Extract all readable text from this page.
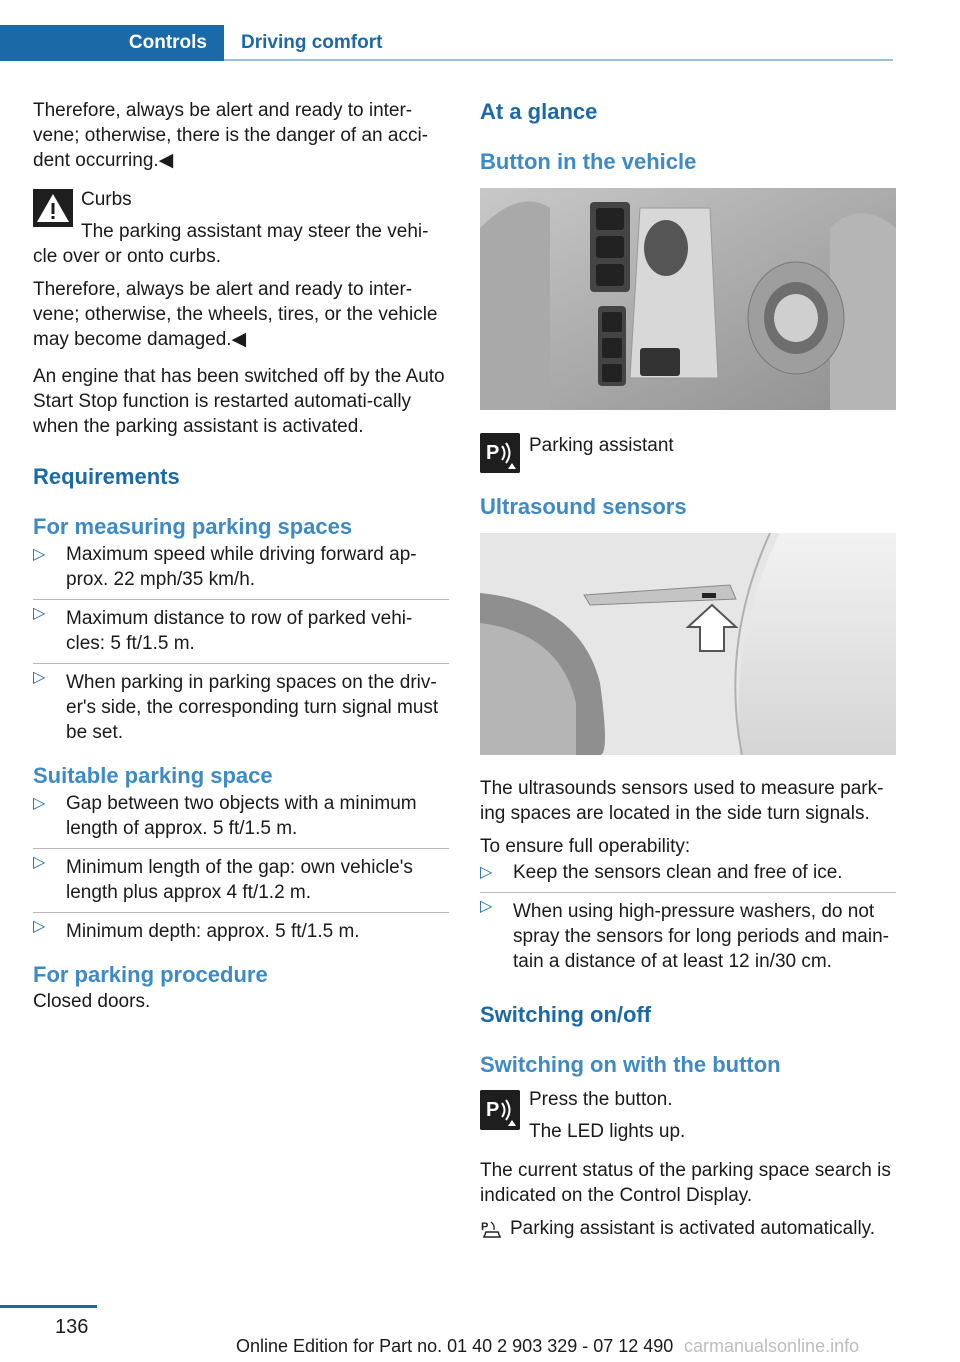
Controls	Driving comfort

Therefore, always be alert and ready to inter-vene; otherwise, there is the danger of an acci-dent occurring.◀

Curbs

The parking assistant may steer the vehi-cle over or onto curbs.

Therefore, always be alert and ready to inter-vene; otherwise, the wheels, tires, or the vehicle may become damaged.◀

An engine that has been switched off by the Auto Start Stop function is restarted automati-cally when the parking assistant is activated.

Requirements
For measuring parking spaces
▷ Maximum speed while driving forward ap-prox. 22 mph/35 km/h.
▷ Maximum distance to row of parked vehi-cles: 5 ft/1.5 m.
▷ When parking in parking spaces on the driv-er's side, the corresponding turn signal must be set.
Suitable parking space
▷ Gap between two objects with a minimum length of approx. 5 ft/1.5 m.
▷ Minimum length of the gap: own vehicle's length plus approx 4 ft/1.2 m.
▷ Minimum depth: approx. 5 ft/1.5 m.
For parking procedure

Closed doors.

At a glance
Button in the vehicle
P Parking assistant

Ultrasound sensors

The ultrasounds sensors used to measure park-ing spaces are located in the side turn signals.

To ensure full operability:

▷ Keep the sensors clean and free of ice.
▷ When using high-pressure washers, do not spray the sensors for long periods and main-tain a distance of at least 12 in/30 cm.
Switching on/off
Switching on with the button
P Press the button.

The LED lights up.

The current status of the parking space search is indicated on the Control Display.

P Parking assistant is activated automatically.

136
Online Edition for Part no. 01 40 2 903 329 - 07 12 490 carmanualsonline.info
